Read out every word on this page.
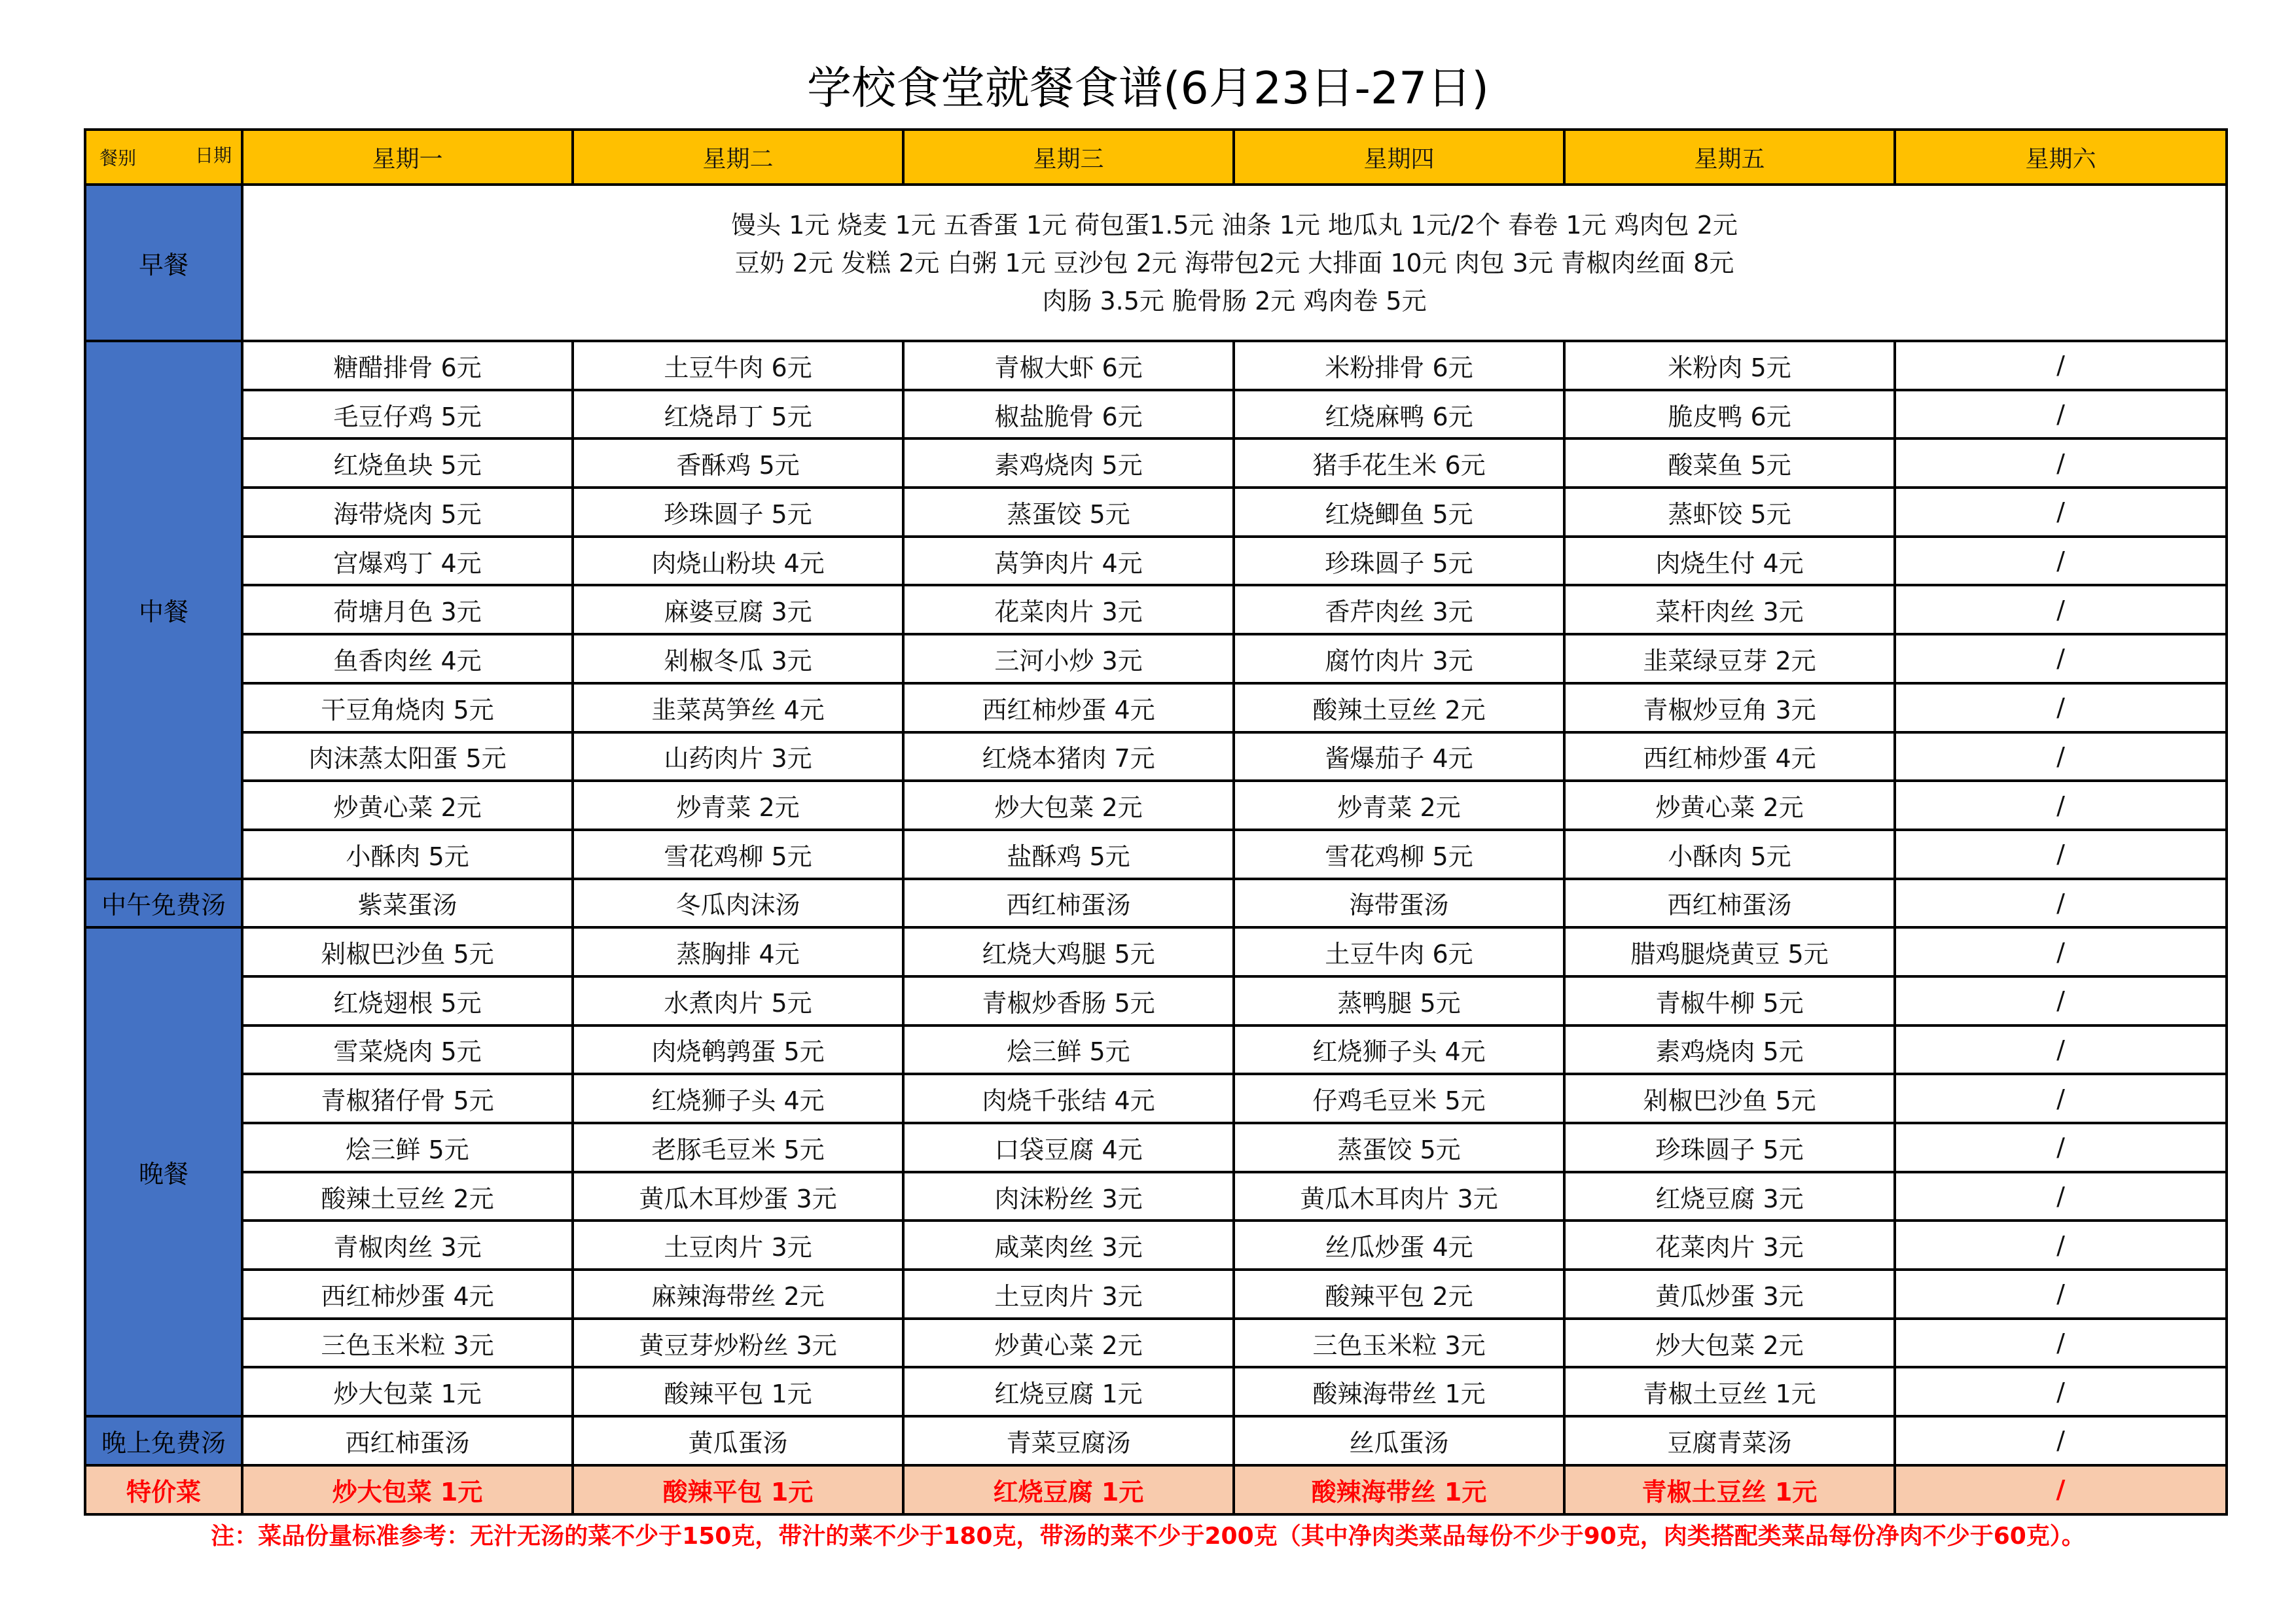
学校食堂就餐食谱(6月23日-27日)
餐别 日期	星期一	星期二	星期三	星期四	星期五	星期六
早餐	馒头 1元 烧麦 1元 五香蛋 1元 荷包蛋1.5元 油条 1元 地瓜丸 1元/2个 春卷 1元 鸡肉包 2元
豆奶 2元 发糕 2元 白粥 1元 豆沙包 2元 海带包2元 大排面 10元 肉包 3元 青椒肉丝面 8元
肉肠 3.5元 脆骨肠 2元 鸡肉卷 5元					

中餐	糖醋排骨 6元	土豆牛肉 6元	青椒大虾 6元	米粉排骨 6元	米粉肉 5元	/
	毛豆仔鸡 5元	红烧昂丁 5元	椒盐脆骨 6元	红烧麻鸭 6元	脆皮鸭 6元	/
	红烧鱼块 5元	香酥鸡 5元	素鸡烧肉 5元	猪手花生米 6元	酸菜鱼 5元	/
	海带烧肉 5元	珍珠圆子 5元	蒸蛋饺 5元	红烧鲫鱼 5元	蒸虾饺 5元	/
	宫爆鸡丁 4元	肉烧山粉块 4元	莴笋肉片 4元	珍珠圆子 5元	肉烧生付 4元	/
	荷塘月色 3元	麻婆豆腐 3元	花菜肉片 3元	香芹肉丝 3元	菜杆肉丝 3元	/
	鱼香肉丝 4元	剁椒冬瓜 3元	三河小炒 3元	腐竹肉片 3元	韭菜绿豆芽 2元	/
	干豆角烧肉 5元	韭菜莴笋丝 4元	西红柿炒蛋 4元	酸辣土豆丝 2元	青椒炒豆角 3元	/
	肉沫蒸太阳蛋 5元	山药肉片 3元	红烧本猪肉 7元	酱爆茄子 4元	西红柿炒蛋 4元	/
	炒黄心菜 2元	炒青菜 2元	炒大包菜 2元	炒青菜 2元	炒黄心菜 2元	/
	小酥肉 5元	雪花鸡柳 5元	盐酥鸡 5元	雪花鸡柳 5元	小酥肉 5元	/
中午免费汤	紫菜蛋汤	冬瓜肉沫汤	西红柿蛋汤	海带蛋汤	西红柿蛋汤	/
晚餐	剁椒巴沙鱼 5元	蒸胸排 4元	红烧大鸡腿 5元	土豆牛肉 6元	腊鸡腿烧黄豆 5元	/
	红烧翅根 5元	水煮肉片 5元	青椒炒香肠 5元	蒸鸭腿 5元	青椒牛柳 5元	/
	雪菜烧肉 5元	肉烧鹌鹑蛋 5元	烩三鲜 5元	红烧狮子头 4元	素鸡烧肉 5元	/
	青椒猪仔骨 5元	红烧狮子头 4元	肉烧千张结 4元	仔鸡毛豆米 5元	剁椒巴沙鱼 5元	/
	烩三鲜 5元	老豚毛豆米 5元	口袋豆腐 4元	蒸蛋饺 5元	珍珠圆子 5元	/
	酸辣土豆丝 2元	黄瓜木耳炒蛋 3元	肉沫粉丝 3元	黄瓜木耳肉片 3元	红烧豆腐 3元	/
	青椒肉丝 3元	土豆肉片 3元	咸菜肉丝 3元	丝瓜炒蛋 4元	花菜肉片 3元	/
	西红柿炒蛋 4元	麻辣海带丝 2元	土豆肉片 3元	酸辣平包 2元	黄瓜炒蛋 3元	/
	三色玉米粒 3元	黄豆芽炒粉丝 3元	炒黄心菜 2元	三色玉米粒 3元	炒大包菜 2元	/
	炒大包菜 1元	酸辣平包 1元	红烧豆腐 1元	酸辣海带丝 1元	青椒土豆丝 1元	/
晚上免费汤	西红柿蛋汤	黄瓜蛋汤	青菜豆腐汤	丝瓜蛋汤	豆腐青菜汤	/
特价菜	炒大包菜 1元	酸辣平包 1元	红烧豆腐 1元	酸辣海带丝 1元	青椒土豆丝 1元	/
注：菜品份量标准参考：无汁无汤的菜不少于150克，带汁的菜不少于180克，带汤的菜不少于200克（其中净肉类菜品每份不少于90克，肉类搭配类菜品每份净肉不少于60克）。
